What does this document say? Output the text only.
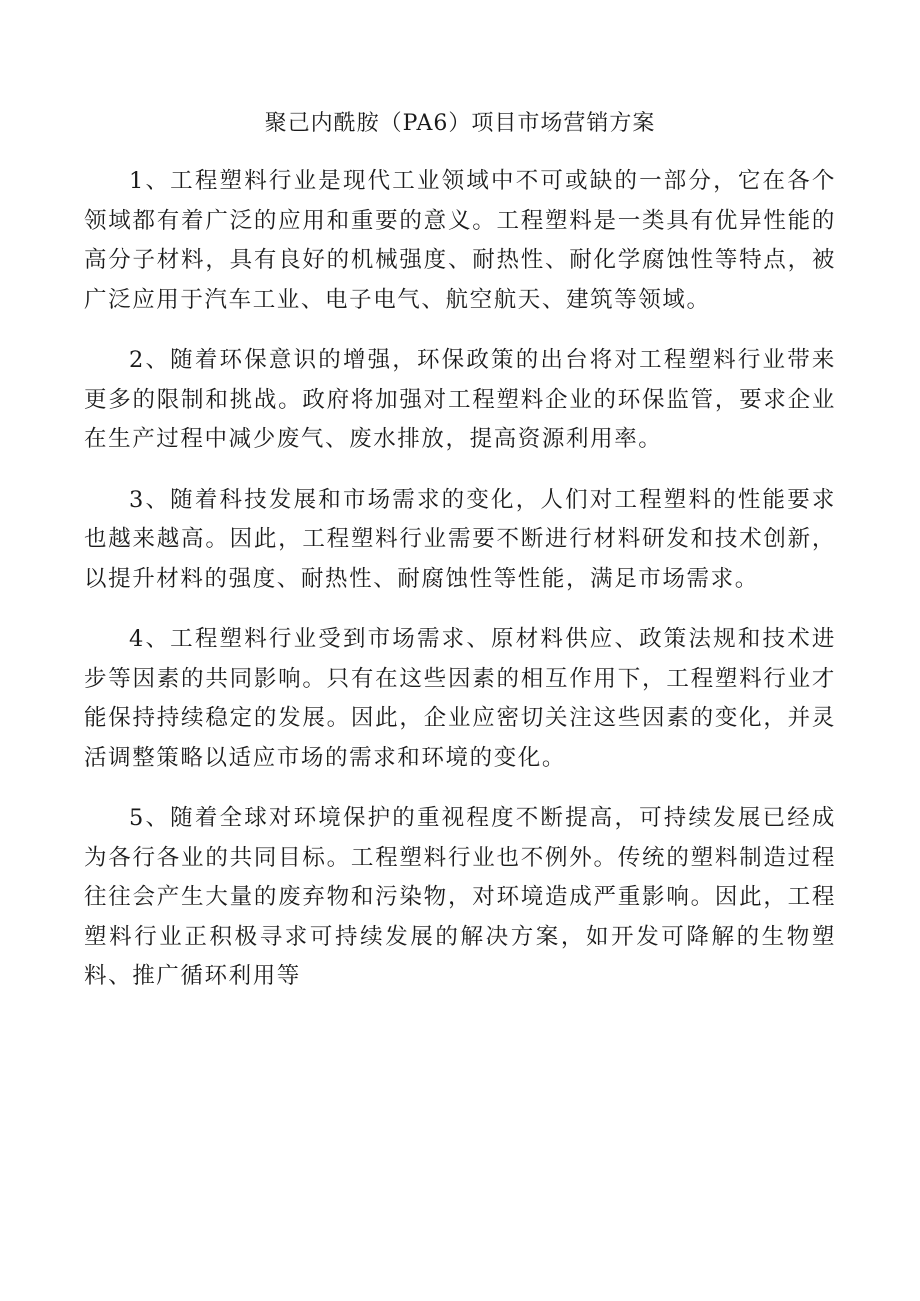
聚己内酰胺（PA6）项目市场营销方案

1、工程塑料行业是现代工业领域中不可或缺的一部分，它在各个领域都有着广泛的应用和重要的意义。工程塑料是一类具有优异性能的高分子材料，具有良好的机械强度、耐热性、耐化学腐蚀性等特点，被广泛应用于汽车工业、电子电气、航空航天、建筑等领域。

2、随着环保意识的增强，环保政策的出台将对工程塑料行业带来更多的限制和挑战。政府将加强对工程塑料企业的环保监管，要求企业在生产过程中减少废气、废水排放，提高资源利用率。

3、随着科技发展和市场需求的变化，人们对工程塑料的性能要求也越来越高。因此，工程塑料行业需要不断进行材料研发和技术创新，以提升材料的强度、耐热性、耐腐蚀性等性能，满足市场需求。

4、工程塑料行业受到市场需求、原材料供应、政策法规和技术进步等因素的共同影响。只有在这些因素的相互作用下，工程塑料行业才能保持持续稳定的发展。因此，企业应密切关注这些因素的变化，并灵活调整策略以适应市场的需求和环境的变化。

5、随着全球对环境保护的重视程度不断提高，可持续发展已经成为各行各业的共同目标。工程塑料行业也不例外。传统的塑料制造过程往往会产生大量的废弃物和污染物，对环境造成严重影响。因此，工程塑料行业正积极寻求可持续发展的解决方案，如开发可降解的生物塑料、推广循环利用等
